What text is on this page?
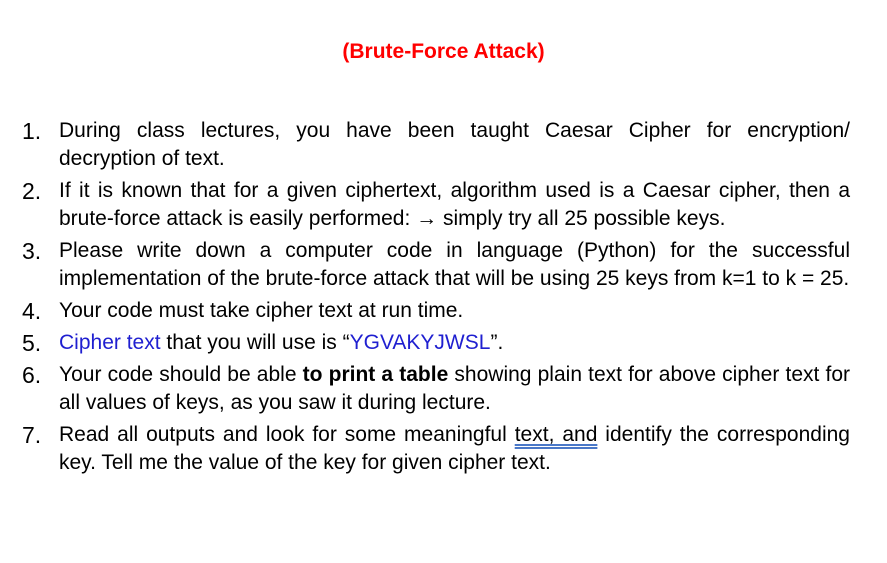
(Brute-Force Attack)
1. During class lectures, you have been taught Caesar Cipher for encryption/ decryption of text.
2. If it is known that for a given ciphertext, algorithm used is a Caesar cipher, then a brute-force attack is easily performed: → simply try all 25 possible keys.
3. Please write down a computer code in language (Python) for the successful implementation of the brute-force attack that will be using 25 keys from k=1 to k = 25.
4. Your code must take cipher text at run time.
5. Cipher text that you will use is “YGVAKYJWSL”.
6. Your code should be able to print a table showing plain text for above cipher text for all values of keys, as you saw it during lecture.
7. Read all outputs and look for some meaningful text, and identify the corresponding key. Tell me the value of the key for given cipher text.
